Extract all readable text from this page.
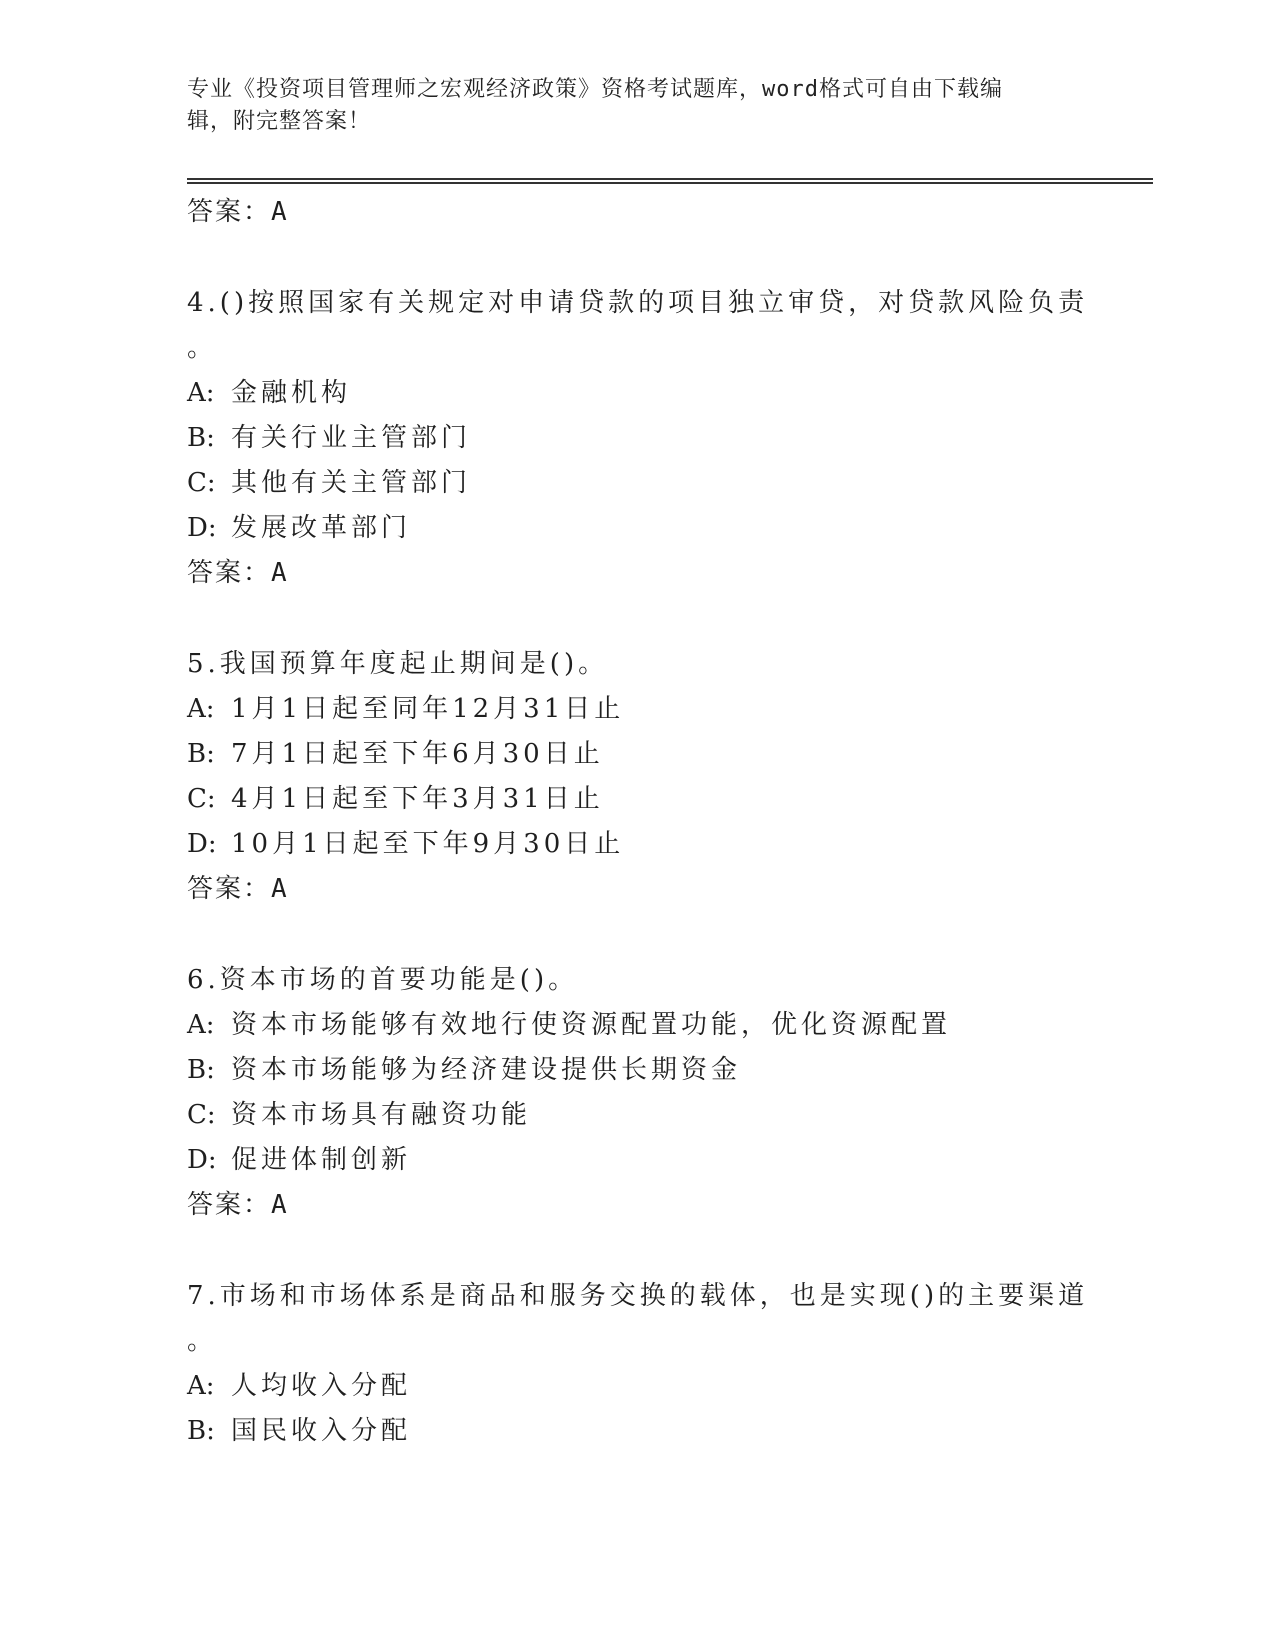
专业《投资项目管理师之宏观经济政策》资格考试题库，word格式可自由下载编
辑，附完整答案！
答案：A
4.()按照国家有关规定对申请贷款的项目独立审贷，对贷款风险负责
。
A: 金融机构
B: 有关行业主管部门
C: 其他有关主管部门
D: 发展改革部门
答案：A
5.我国预算年度起止期间是()。
A: 1月1日起至同年12月31日止
B: 7月1日起至下年6月30日止
C: 4月1日起至下年3月31日止
D: 10月1日起至下年9月30日止
答案：A
6.资本市场的首要功能是()。
A: 资本市场能够有效地行使资源配置功能，优化资源配置
B: 资本市场能够为经济建设提供长期资金
C: 资本市场具有融资功能
D: 促进体制创新
答案：A
7.市场和市场体系是商品和服务交换的载体，也是实现()的主要渠道
。
A: 人均收入分配
B: 国民收入分配
